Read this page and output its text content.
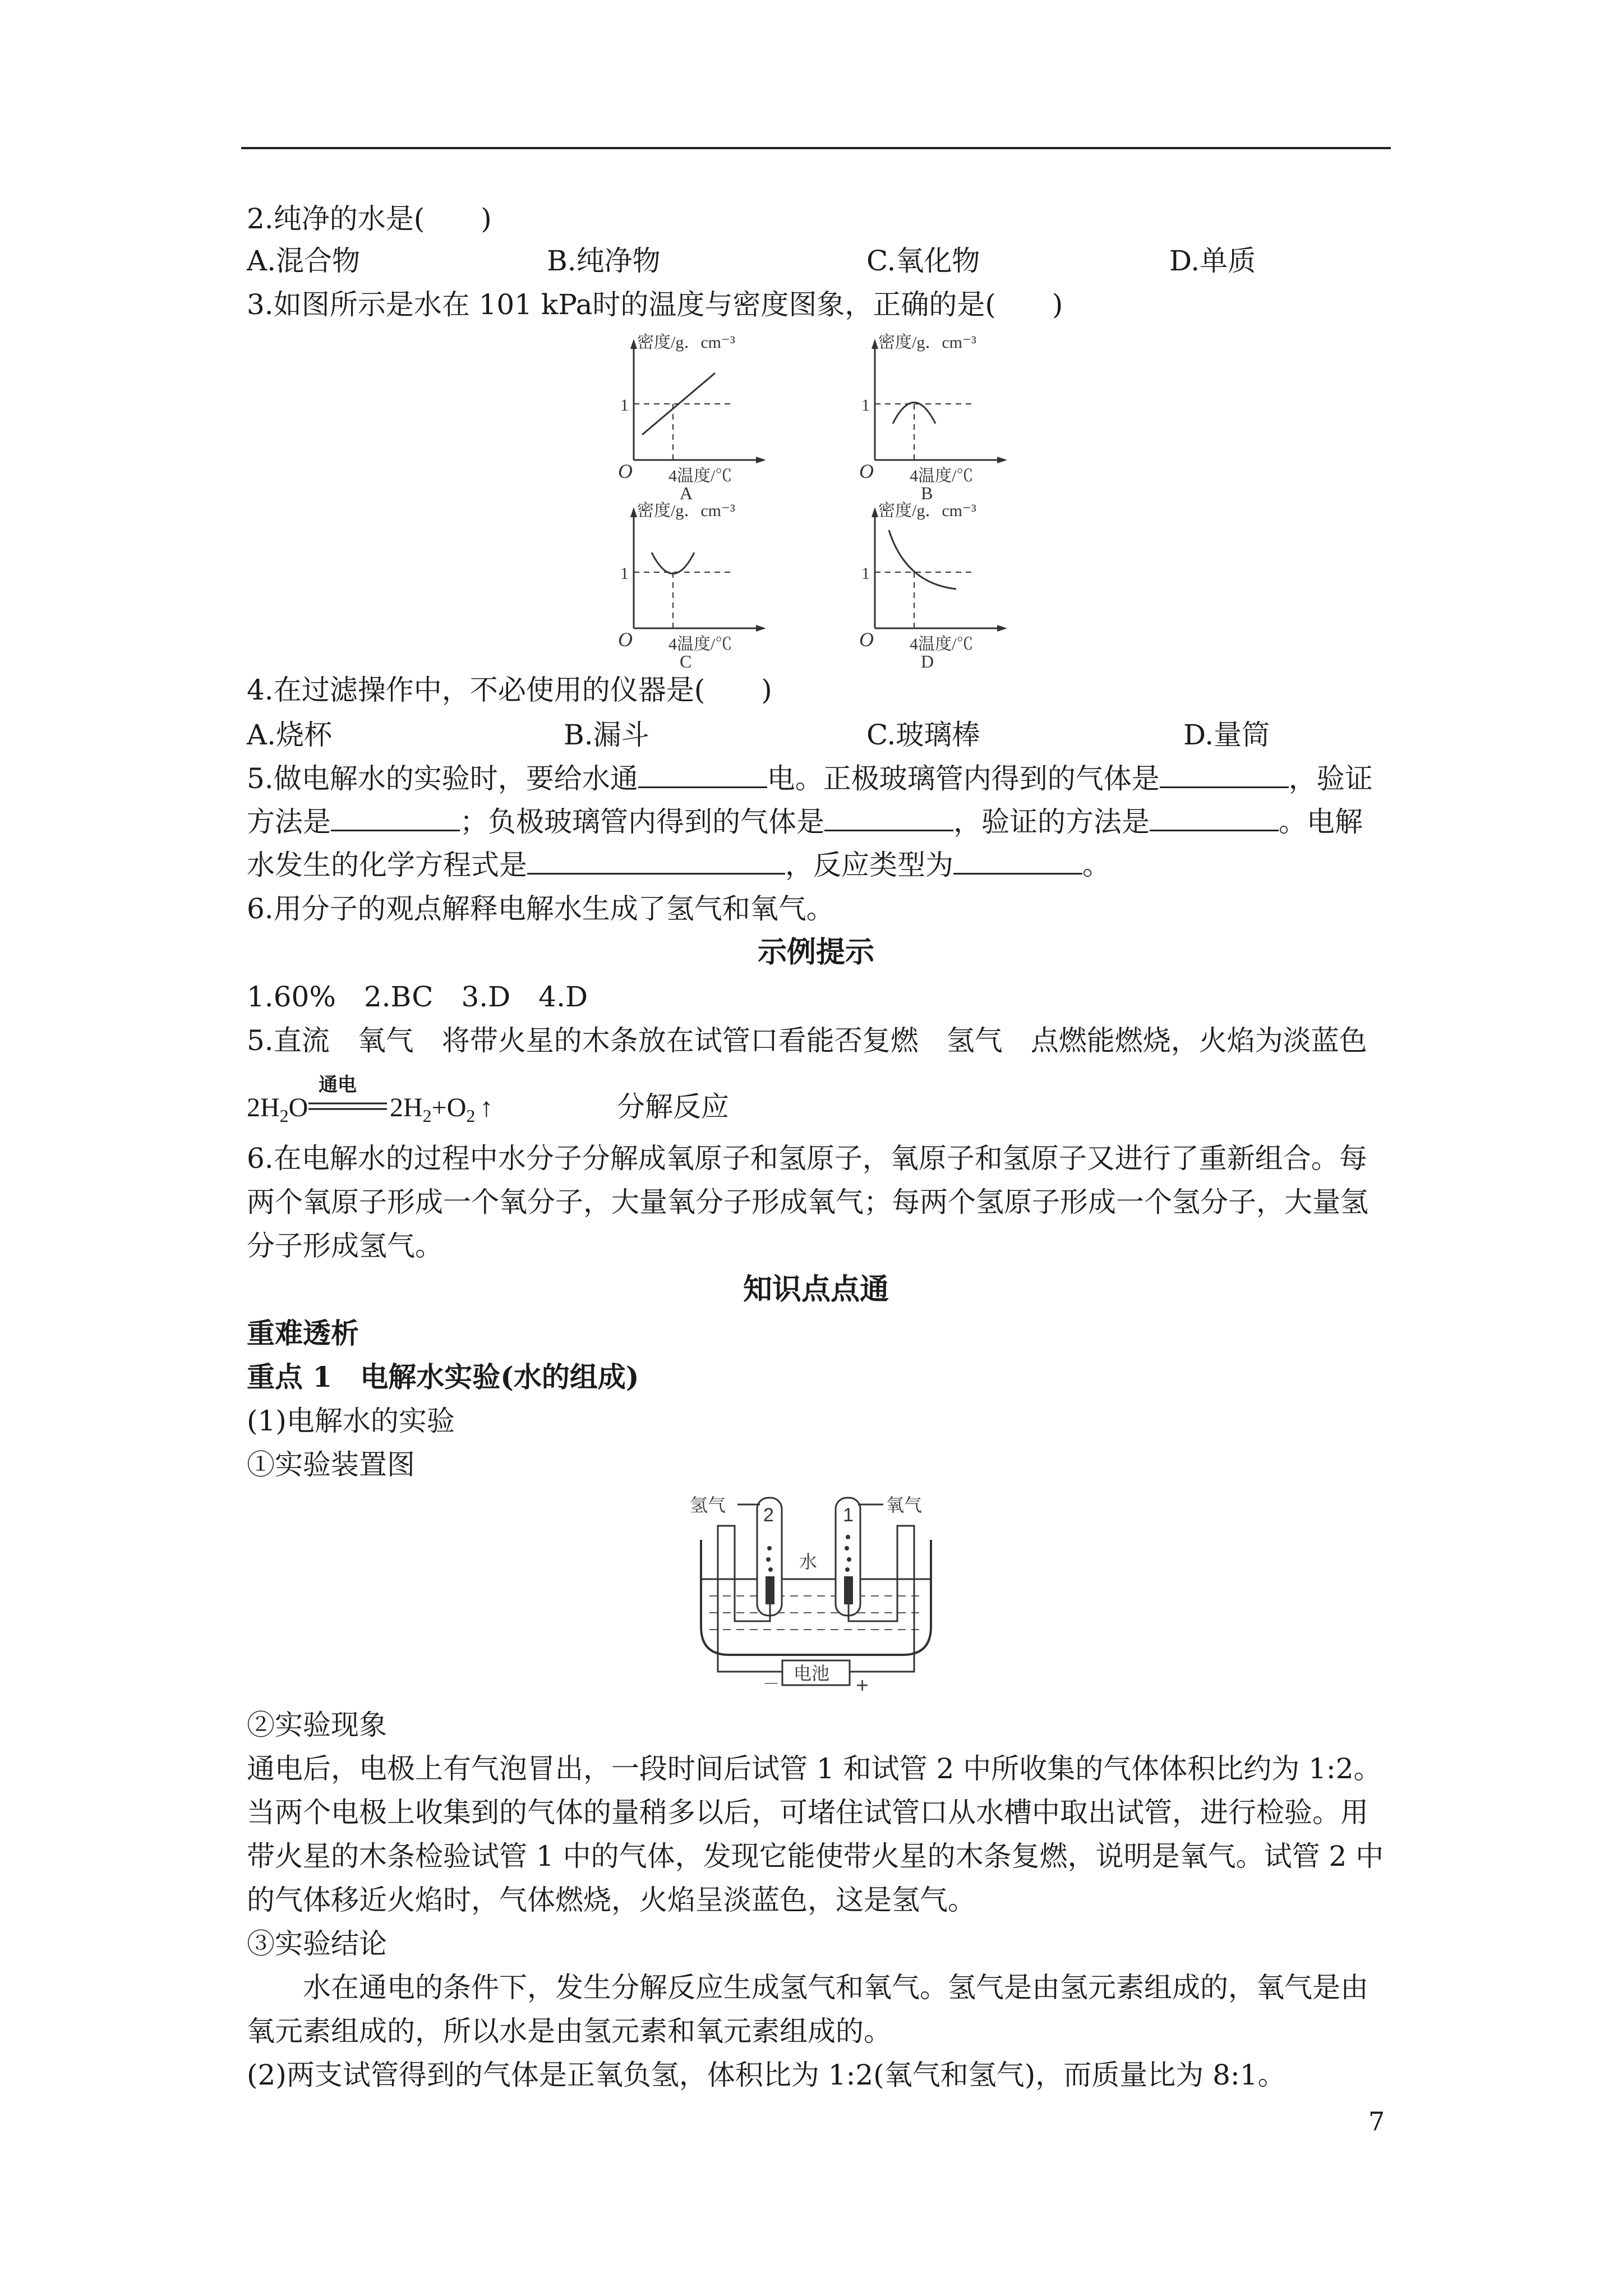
2.纯净的水是(　　)
A.混合物	B.纯净物	C.氧化物	D.单质
3.如图所示是水在 101 kPa时的温度与密度图象，正确的是(　　)
密度/g．cm⁻³
1
O 4温度/℃
A
密度/g．cm⁻³
1
O 4温度/℃
B
密度/g．cm⁻³
1
O 4温度/℃
C
密度/g．cm⁻³
1
O 4温度/℃
D
4.在过滤操作中，不必使用的仪器是(　　)
A.烧杯	B.漏斗	C.玻璃棒	D.量筒
5.做电解水的实验时，要给水通	电。正极玻璃管内得到的气体是	，验证
方法是	；负极玻璃管内得到的气体是	，验证的方法是	。电解
水发生的化学方程式是	，反应类型为	。
6.用分子的观点解释电解水生成了氢气和氧气。
示例提示
1.60%　2.BC　3.D　4.D
5.直流　氧气　将带火星的木条放在试管口看能否复燃　氢气　点燃能燃烧，火焰为淡蓝色
$2H_2O$
通电
$2H_2+O_2$ ↑	分解反应
6.在电解水的过程中水分子分解成氧原子和氢原子，氧原子和氢原子又进行了重新组合。每
两个氧原子形成一个氧分子，大量氧分子形成氧气；每两个氢原子形成一个氢分子，大量氢
分子形成氢气。
知识点点通
重难透析
重点 1　电解水实验(水的组成)
(1)电解水的实验
①实验装置图
电池
－	+
氢气	氧气
2	1
水
②实验现象
通电后，电极上有气泡冒出，一段时间后试管 1 和试管 2 中所收集的气体体积比约为 1:2。
当两个电极上收集到的气体的量稍多以后，可堵住试管口从水槽中取出试管，进行检验。用
带火星的木条检验试管 1 中的气体，发现它能使带火星的木条复燃，说明是氧气。试管 2 中
的气体移近火焰时，气体燃烧，火焰呈淡蓝色，这是氢气。
③实验结论
　　水在通电的条件下，发生分解反应生成氢气和氧气。氢气是由氢元素组成的，氧气是由
氧元素组成的，所以水是由氢元素和氧元素组成的。
(2)两支试管得到的气体是正氧负氢，体积比为 1:2(氧气和氢气)，而质量比为 8:1。
7
